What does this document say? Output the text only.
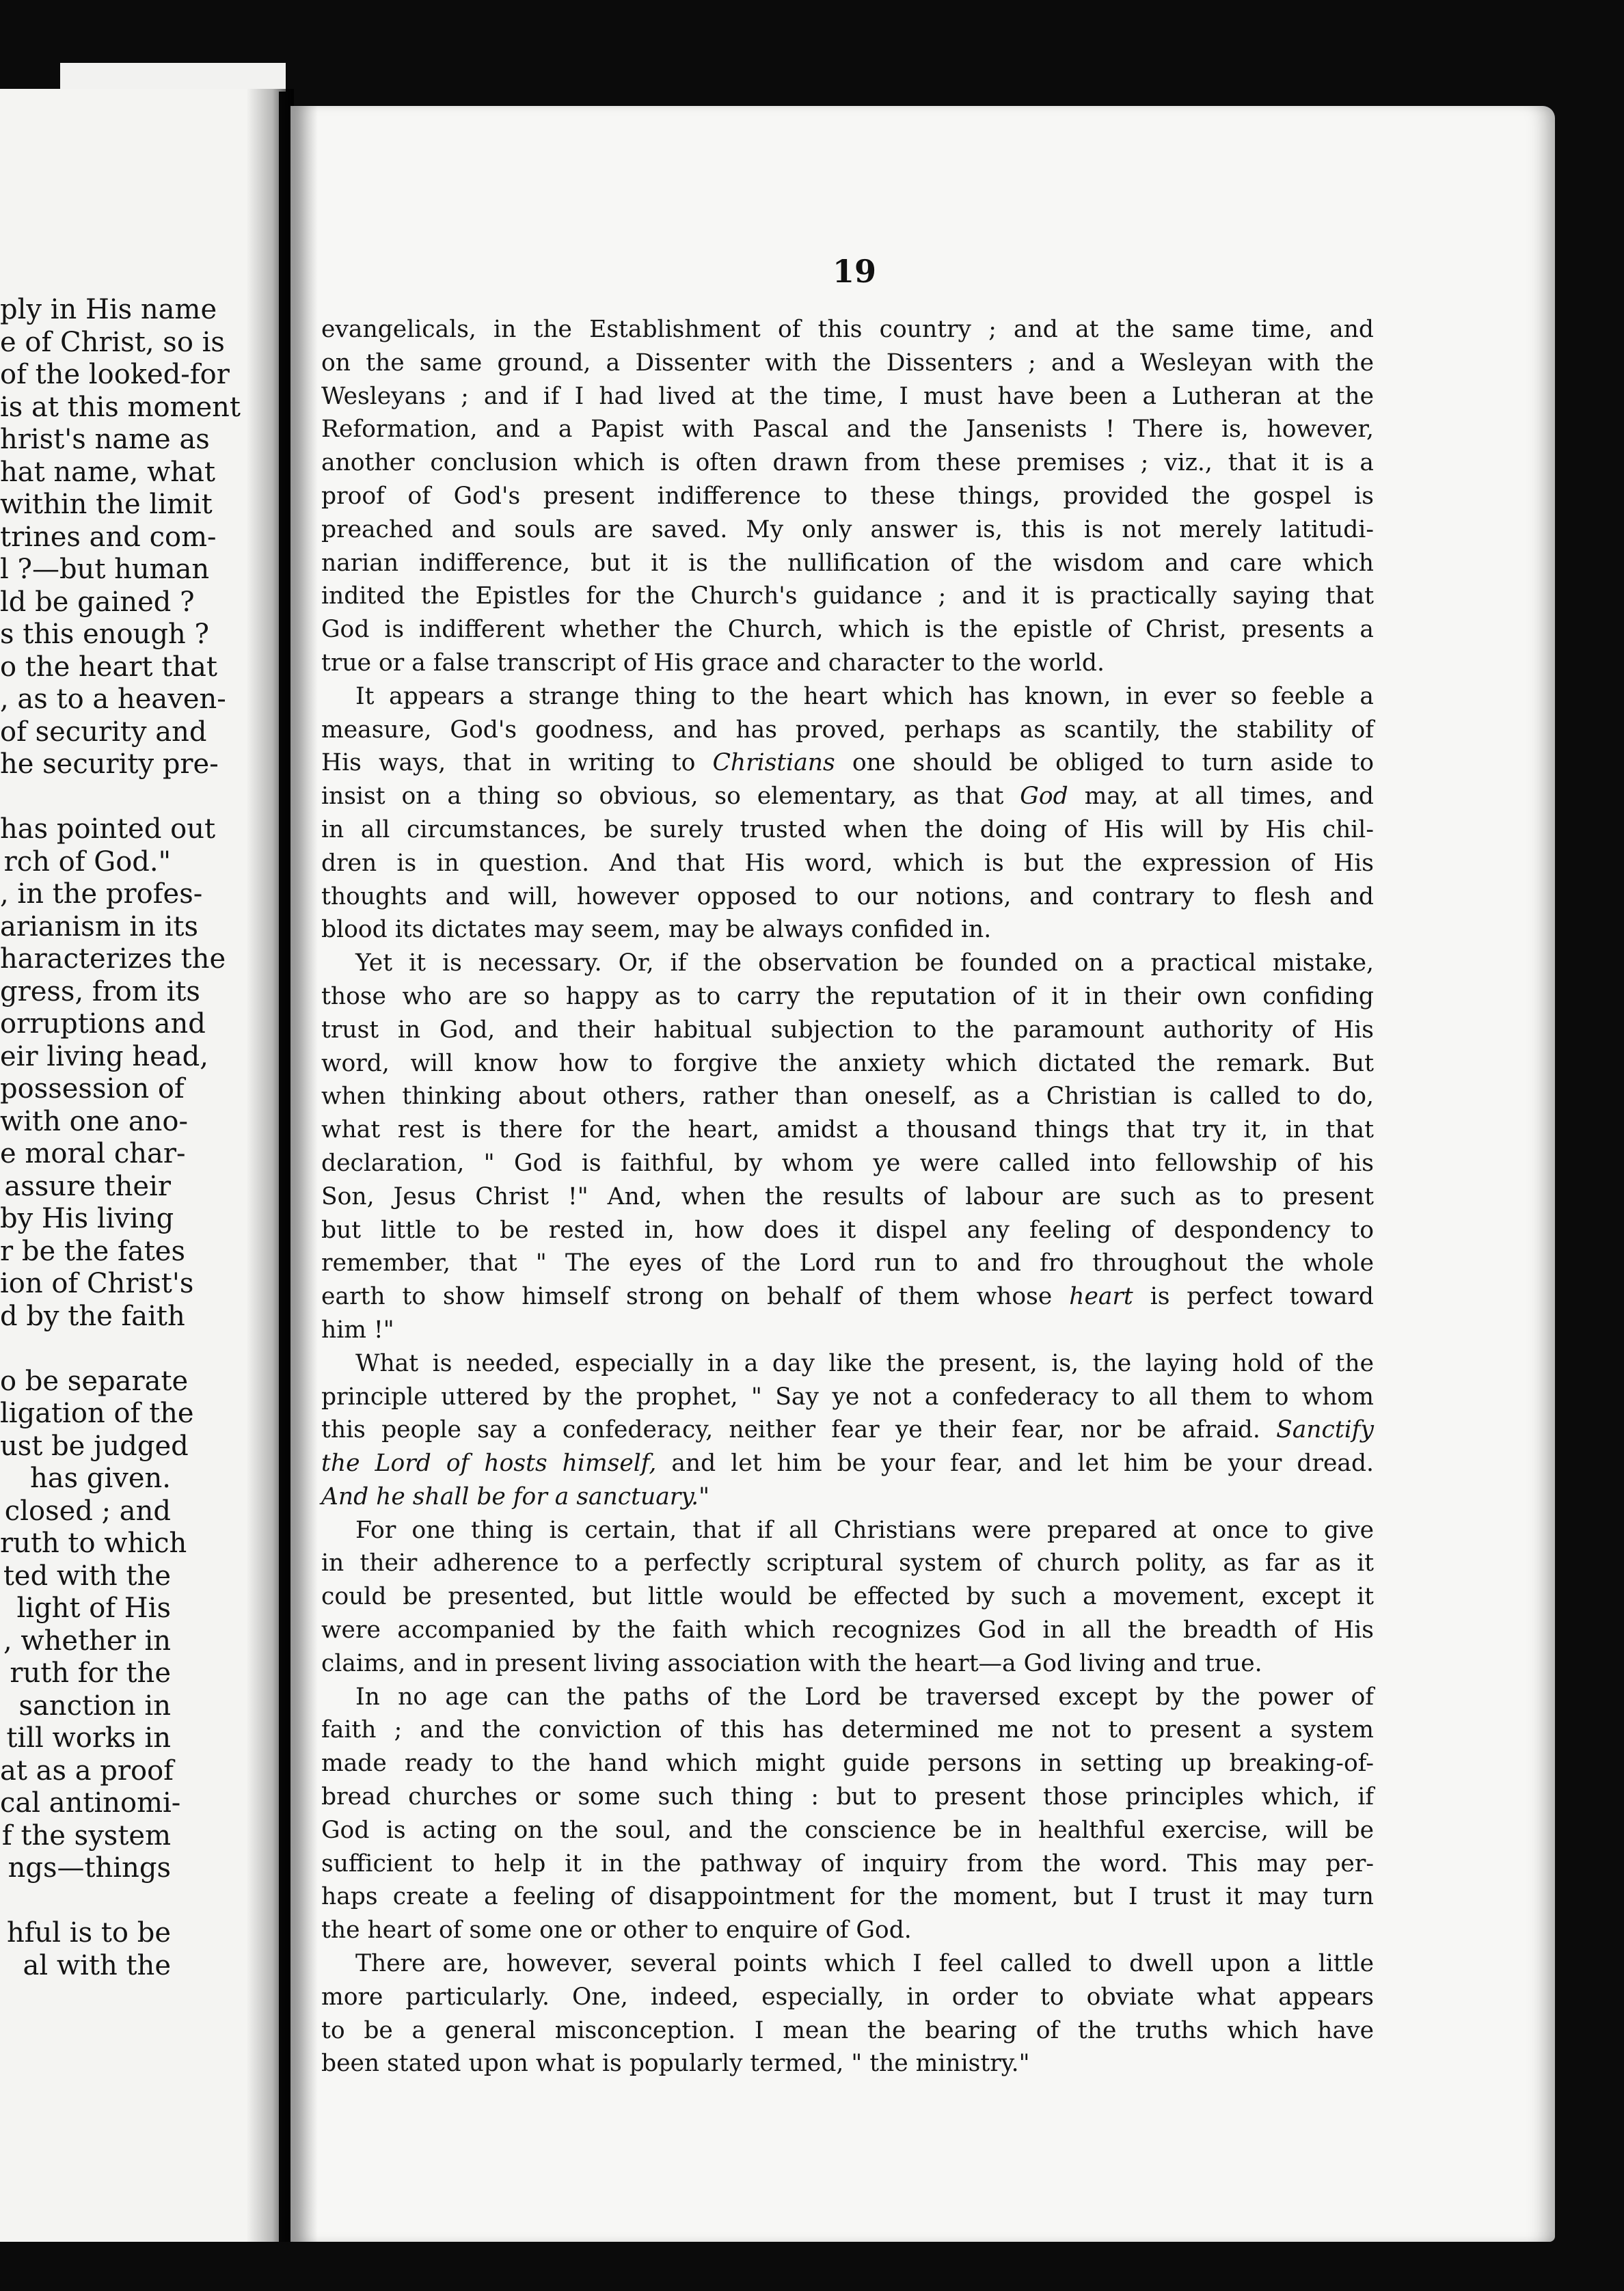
ply in His name
e of Christ, so is
of the looked-for
is at this moment
hrist's name as
hat name, what
within the limit
trines and com-
l ?—but human
ld be gained ?
s this enough ?
o the heart that
, as to a heaven-
of security and
he security pre-
has pointed out
rch of God."
, in the profes-
arianism in its
haracterizes the
gress, from its
orruptions and
eir living head,
possession of
with one ano-
e moral char-
assure their
by His living
r be the fates
ion of Christ's
d by the faith
o be separate
ligation of the
ust be judged
has given.
closed ; and
ruth to which
ted with the
light of His
, whether in
ruth for the
sanction in
till works in
at as a proof
cal antinomi-
f the system
ngs—things
hful is to be
al with the
19
evangelicals, in the Establishment of this country ; and at the same time, and
on the same ground, a Dissenter with the Dissenters ; and a Wesleyan with the
Wesleyans ; and if I had lived at the time, I must have been a Lutheran at the
Reformation, and a Papist with Pascal and the Jansenists ! There is, however,
another conclusion which is often drawn from these premises ; viz., that it is a
proof of God's present indifference to these things, provided the gospel is
preached and souls are saved. My only answer is, this is not merely latitudi-
narian indifference, but it is the nullification of the wisdom and care which
indited the Epistles for the Church's guidance ; and it is practically saying that
God is indifferent whether the Church, which is the epistle of Christ, presents a
true or a false transcript of His grace and character to the world.
It appears a strange thing to the heart which has known, in ever so feeble a
measure, God's goodness, and has proved, perhaps as scantily, the stability of
His ways, that in writing to Christians one should be obliged to turn aside to
insist on a thing so obvious, so elementary, as that God may, at all times, and
in all circumstances, be surely trusted when the doing of His will by His chil-
dren is in question. And that His word, which is but the expression of His
thoughts and will, however opposed to our notions, and contrary to flesh and
blood its dictates may seem, may be always confided in.
Yet it is necessary. Or, if the observation be founded on a practical mistake,
those who are so happy as to carry the reputation of it in their own confiding
trust in God, and their habitual subjection to the paramount authority of His
word, will know how to forgive the anxiety which dictated the remark. But
when thinking about others, rather than oneself, as a Christian is called to do,
what rest is there for the heart, amidst a thousand things that try it, in that
declaration, " God is faithful, by whom ye were called into fellowship of his
Son, Jesus Christ !" And, when the results of labour are such as to present
but little to be rested in, how does it dispel any feeling of despondency to
remember, that " The eyes of the Lord run to and fro throughout the whole
earth to show himself strong on behalf of them whose heart is perfect toward
him !"
What is needed, especially in a day like the present, is, the laying hold of the
principle uttered by the prophet, " Say ye not a confederacy to all them to whom
this people say a confederacy, neither fear ye their fear, nor be afraid. Sanctify
the Lord of hosts himself, and let him be your fear, and let him be your dread.
And he shall be for a sanctuary."
For one thing is certain, that if all Christians were prepared at once to give
in their adherence to a perfectly scriptural system of church polity, as far as it
could be presented, but little would be effected by such a movement, except it
were accompanied by the faith which recognizes God in all the breadth of His
claims, and in present living association with the heart—a God living and true.
In no age can the paths of the Lord be traversed except by the power of
faith ; and the conviction of this has determined me not to present a system
made ready to the hand which might guide persons in setting up breaking-of-
bread churches or some such thing : but to present those principles which, if
God is acting on the soul, and the conscience be in healthful exercise, will be
sufficient to help it in the pathway of inquiry from the word. This may per-
haps create a feeling of disappointment for the moment, but I trust it may turn
the heart of some one or other to enquire of God.
There are, however, several points which I feel called to dwell upon a little
more particularly. One, indeed, especially, in order to obviate what appears
to be a general misconception. I mean the bearing of the truths which have
been stated upon what is popularly termed, " the ministry."
